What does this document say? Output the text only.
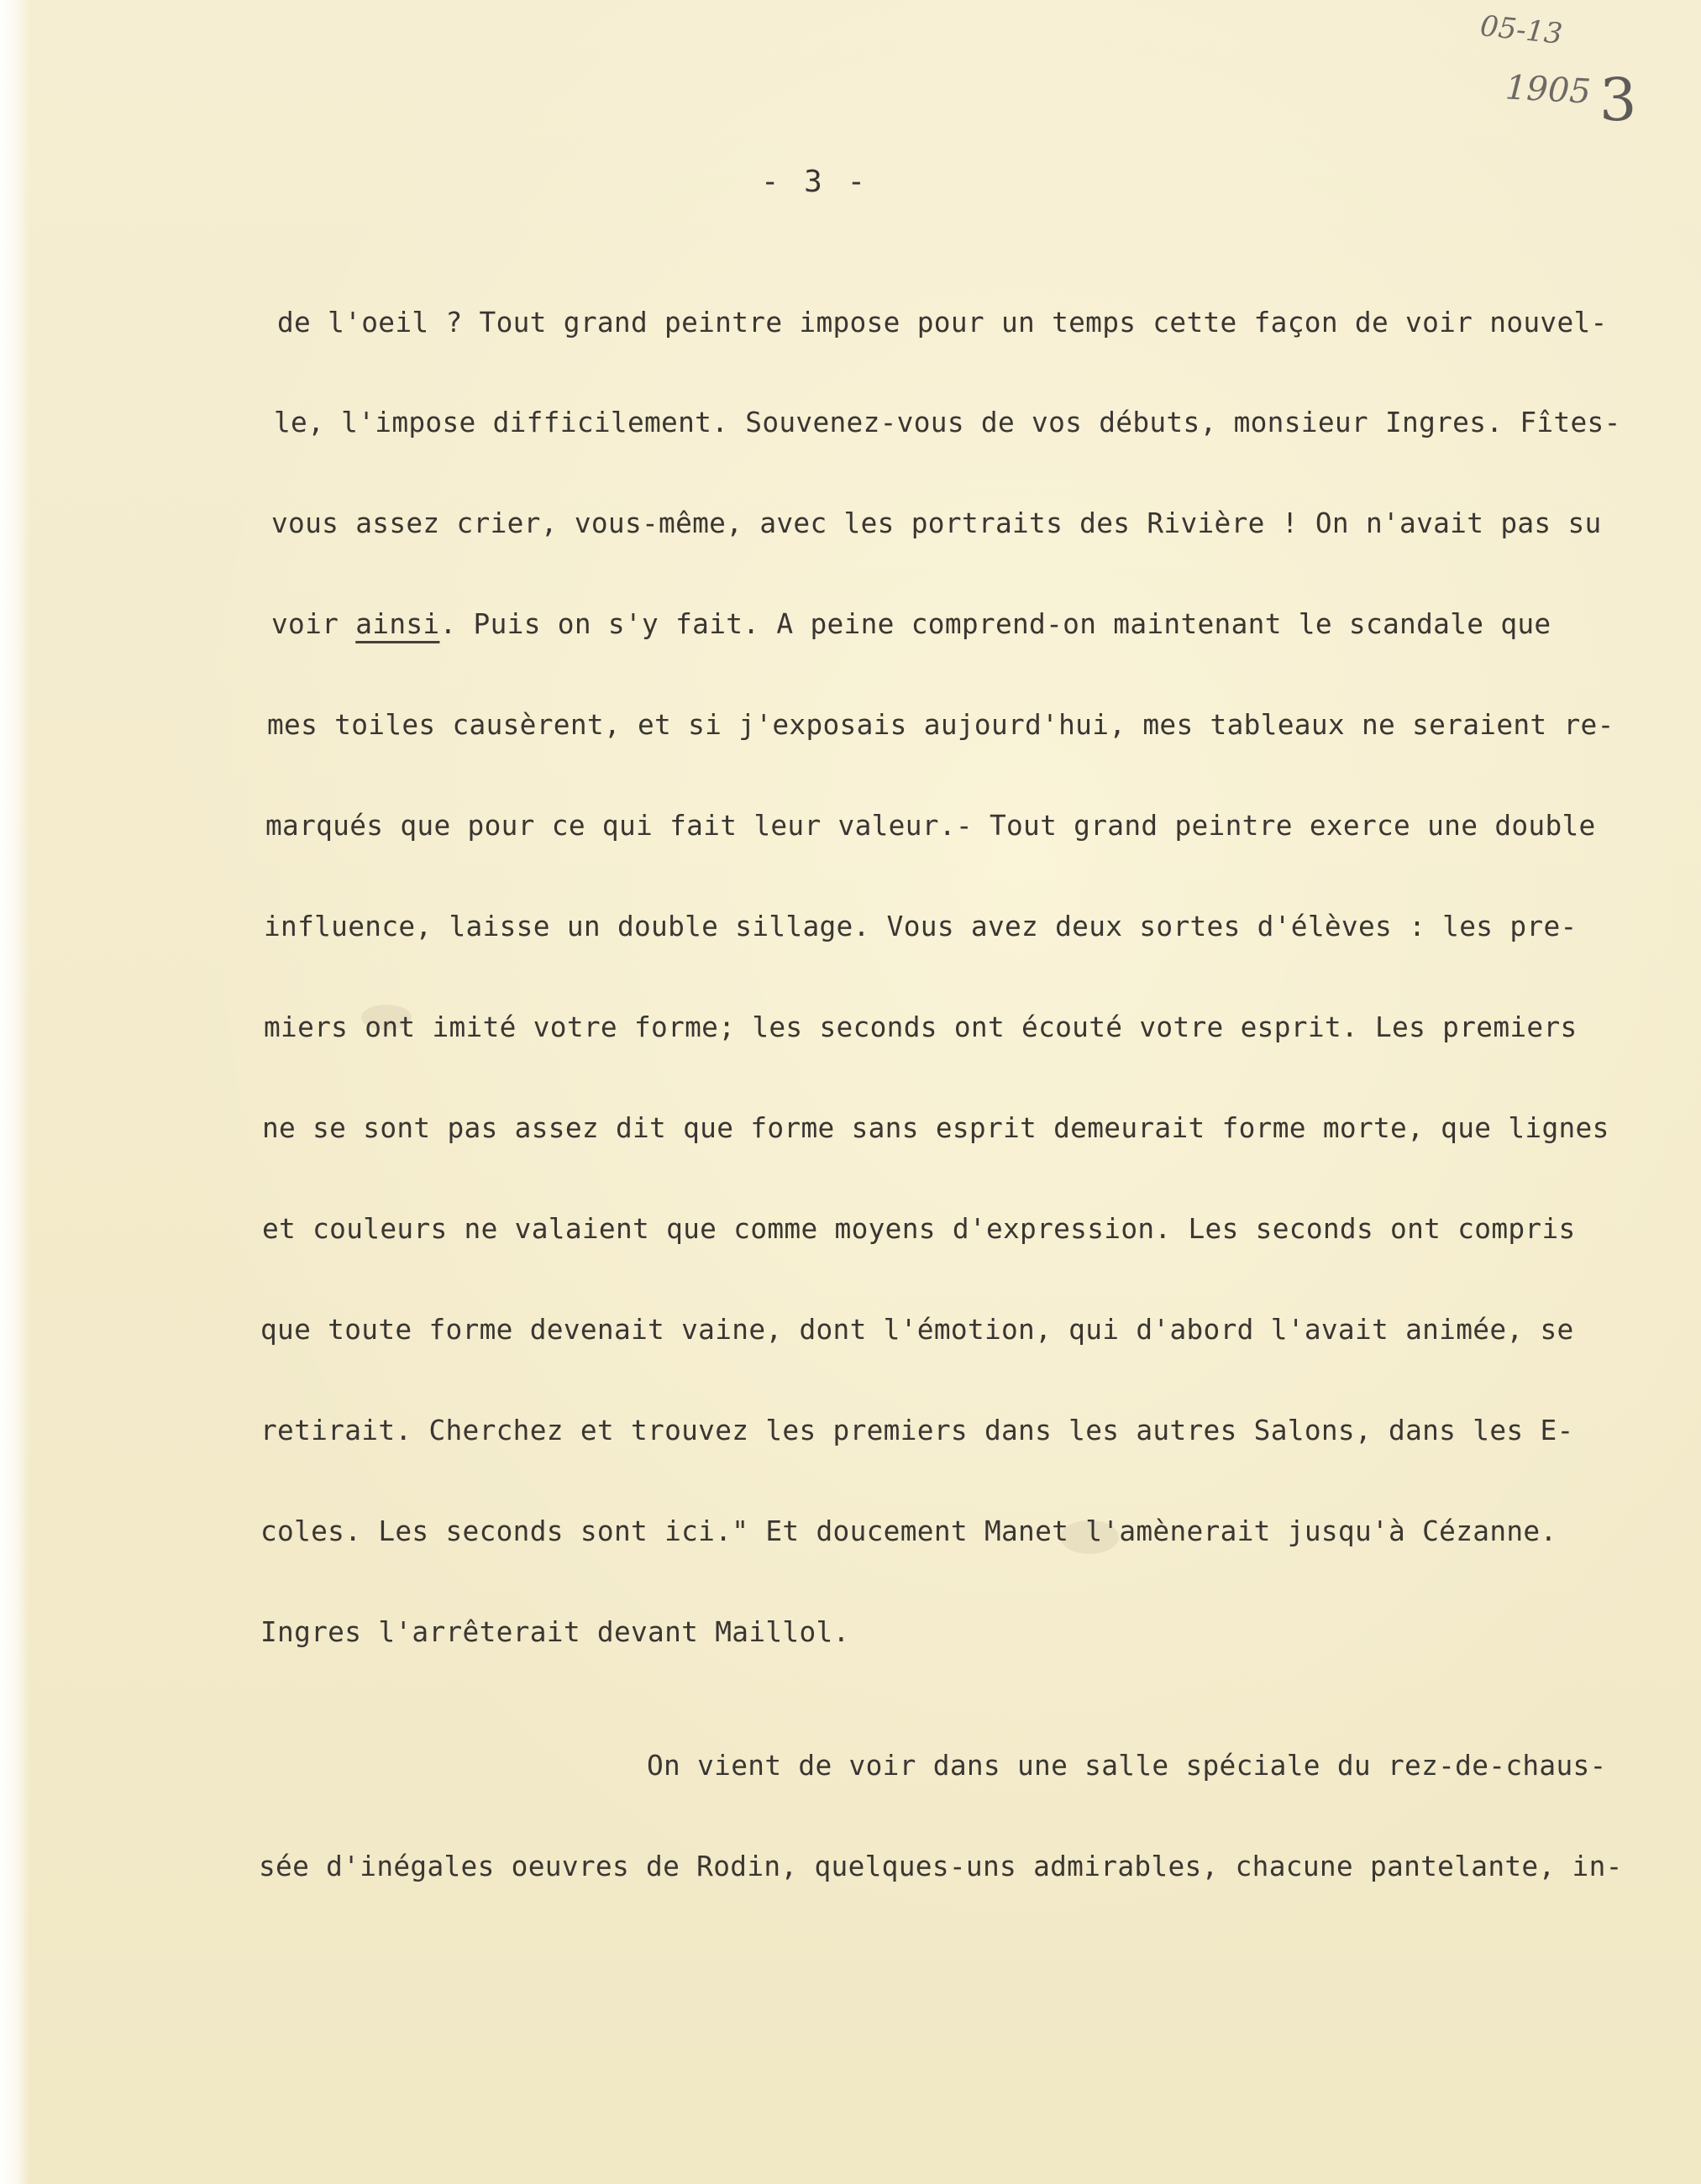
05-13
1905 3
- 3 -
de l'oeil ? Tout grand peintre impose pour un temps cette façon de voir nouvel-
le, l'impose difficilement. Souvenez-vous de vos débuts, monsieur Ingres. Fîtes-
vous assez crier, vous-même, avec les portraits des Rivière ! On n'avait pas su
voir ainsi. Puis on s'y fait. A peine comprend-on maintenant le scandale que
mes toiles causèrent, et si j'exposais aujourd'hui, mes tableaux ne seraient re-
marqués que pour ce qui fait leur valeur.- Tout grand peintre exerce une double
influence, laisse un double sillage. Vous avez deux sortes d'élèves : les pre-
miers ont imité votre forme; les seconds ont écouté votre esprit. Les premiers
ne se sont pas assez dit que forme sans esprit demeurait forme morte, que lignes
et couleurs ne valaient que comme moyens d'expression. Les seconds ont compris
que toute forme devenait vaine, dont l'émotion, qui d'abord l'avait animée, se
retirait. Cherchez et trouvez les premiers dans les autres Salons, dans les E-
coles. Les seconds sont ici." Et doucement Manet l'amènerait jusqu'à Cézanne.
Ingres l'arrêterait devant Maillol.
On vient de voir dans une salle spéciale du rez-de-chaus-
sée d'inégales oeuvres de Rodin, quelques-uns admirables, chacune pantelante, in-
